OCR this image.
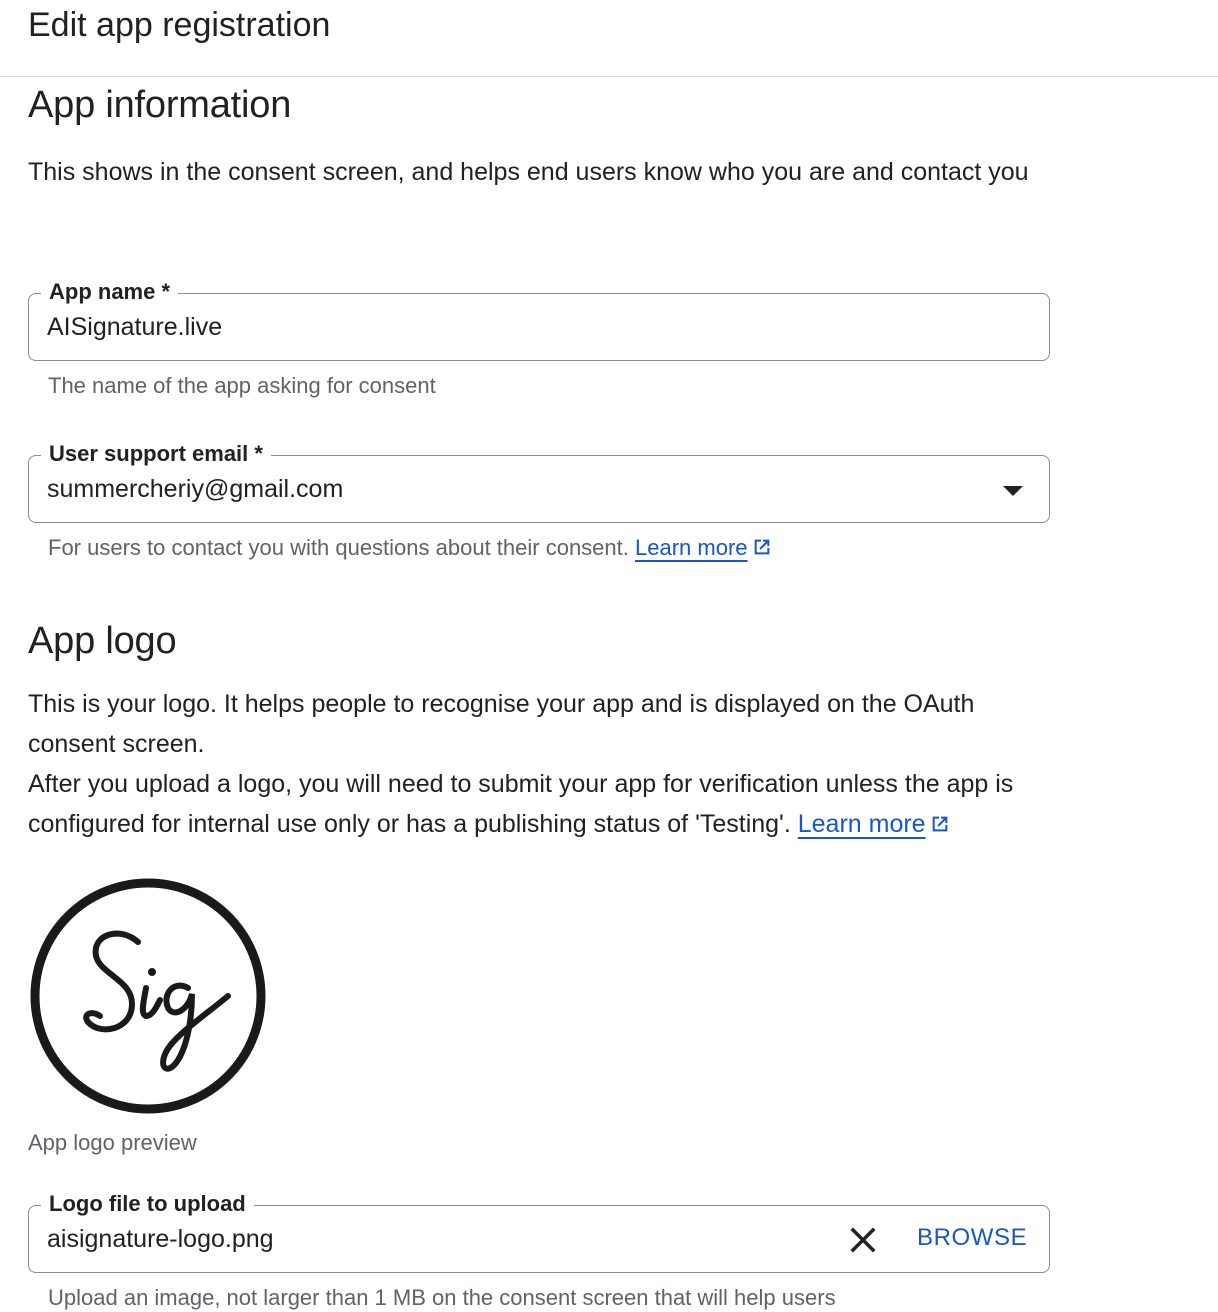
Edit app registration
App information

This shows in the consent screen, and helps end users know who you are and contact you

App name *
AISignature.live

The name of the app asking for consent

User support email *
summercheriy@gmail.com

For users to contact you with questions about their consent. Learn more

App logo

This is your logo. It helps people to recognise your app and is displayed on the OAuth consent screen.

After you upload a logo, you will need to submit your app for verification unless the app is configured for internal use only or has a publishing status of 'Testing'. Learn more

App logo preview

Logo file to upload
aisignature-logo.png	BROWSE

Upload an image, not larger than 1 MB on the consent screen that will help users
